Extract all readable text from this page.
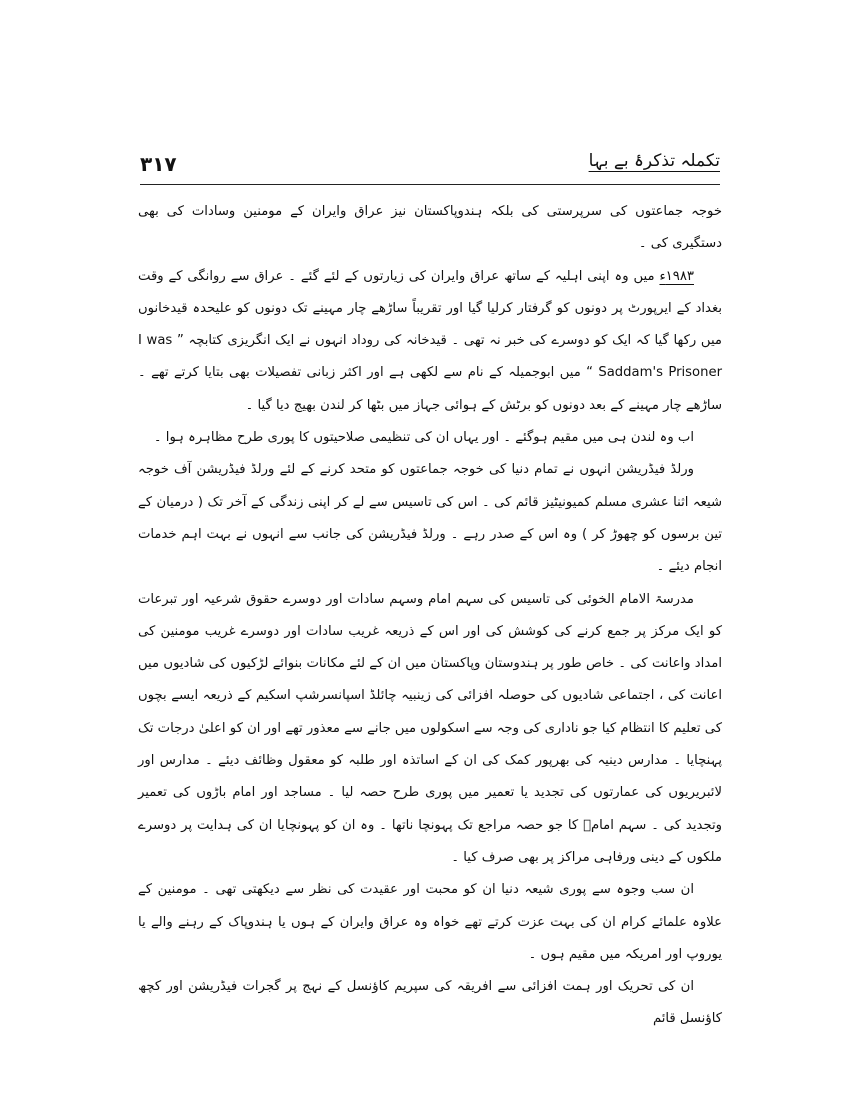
٣١٧	تکملہ تذکرۂ بے بہا

خوجہ جماعتوں کی سرپرستی کی بلکہ ہندوپاکستان نیز عراق وایران کے مومنین وسادات کی بھی دستگیری کی ۔

١٩٨٣ء میں وہ اپنی اہلیہ کے ساتھ عراق وایران کی زیارتوں کے لئے گئے ۔ عراق سے روانگی کے وقت بغداد کے ایرپورٹ پر دونوں کو گرفتار کرلیا گیا اور تقریباً ساڑھے چار مہینے تک دونوں کو علیحدہ قیدخانوں میں رکھا گیا کہ ایک کو دوسرے کی خبر نہ تھی ۔ قیدخانہ کی روداد انہوں نے ایک انگریزی کتابچہ ” I was Saddam's Prisoner “ میں ابوجمیلہ کے نام سے لکھی ہے اور اکثر زبانی تفصیلات بھی بتایا کرتے تھے ۔ ساڑھے چار مہینے کے بعد دونوں کو برٹش کے ہوائی جہاز میں بٹھا کر لندن بھیج دیا گیا ۔

اب وہ لندن ہی میں مقیم ہوگئے ۔ اور یہاں ان کی تنظیمی صلاحیتوں کا پوری طرح مظاہرہ ہوا ۔

ورلڈ فیڈریشن انہوں نے تمام دنیا کی خوجہ جماعتوں کو متحد کرنے کے لئے ورلڈ فیڈریشن آف خوجہ شیعہ اثنا عشری مسلم کمیونیٹیز قائم کی ۔ اس کی تاسیس سے لے کر اپنی زندگی کے آخر تک ( درمیان کے تین برسوں کو چھوڑ کر ) وہ اس کے صدر رہے ۔ ورلڈ فیڈریشن کی جانب سے انہوں نے بہت اہم خدمات انجام دیئے ۔

مدرسۃ الامام الخوئی کی تاسیس کی سہم امام وسہم سادات اور دوسرے حقوق شرعیہ اور تبرعات کو ایک مرکز پر جمع کرنے کی کوشش کی اور اس کے ذریعہ غریب سادات اور دوسرے غریب مومنین کی امداد واعانت کی ۔ خاص طور پر ہندوستان وپاکستان میں ان کے لئے مکانات بنوائے لڑکیوں کی شادیوں میں اعانت کی ، اجتماعی شادیوں کی حوصلہ افزائی کی زینبیہ چائلڈ اسپانسرشپ اسکیم کے ذریعہ ایسے بچوں کی تعلیم کا انتظام کیا جو ناداری کی وجہ سے اسکولوں میں جانے سے معذور تھے اور ان کو اعلیٰ درجات تک پہنچایا ۔ مدارس دینیہ کی بھرپور کمک کی ان کے اساتذہ اور طلبہ کو معقول وظائف دیئے ۔ مدارس اور لائبریریوں کی عمارتوں کی تجدید یا تعمیر میں پوری طرح حصہ لیا ۔ مساجد اور امام باڑوں کی تعمیر وتجدید کی ۔ سہم امامؑ کا جو حصہ مراجع تک پہونچا ناتھا ۔ وہ ان کو پہونچایا ان کی ہدایت پر دوسرے ملکوں کے دینی ورفاہی مراکز پر بھی صرف کیا ۔

ان سب وجوہ سے پوری شیعہ دنیا ان کو محبت اور عقیدت کی نظر سے دیکھتی تھی ۔ مومنین کے علاوہ علمائے کرام ان کی بہت عزت کرتے تھے خواہ وہ عراق وایران کے ہوں یا ہندوپاک کے رہنے والے یا یوروپ اور امریکہ میں مقیم ہوں ۔

ان کی تحریک اور ہمت افزائی سے افریقہ کی سپریم کاؤنسل کے نہج پر گجرات فیڈریشن اور کچھ کاؤنسل قائم
